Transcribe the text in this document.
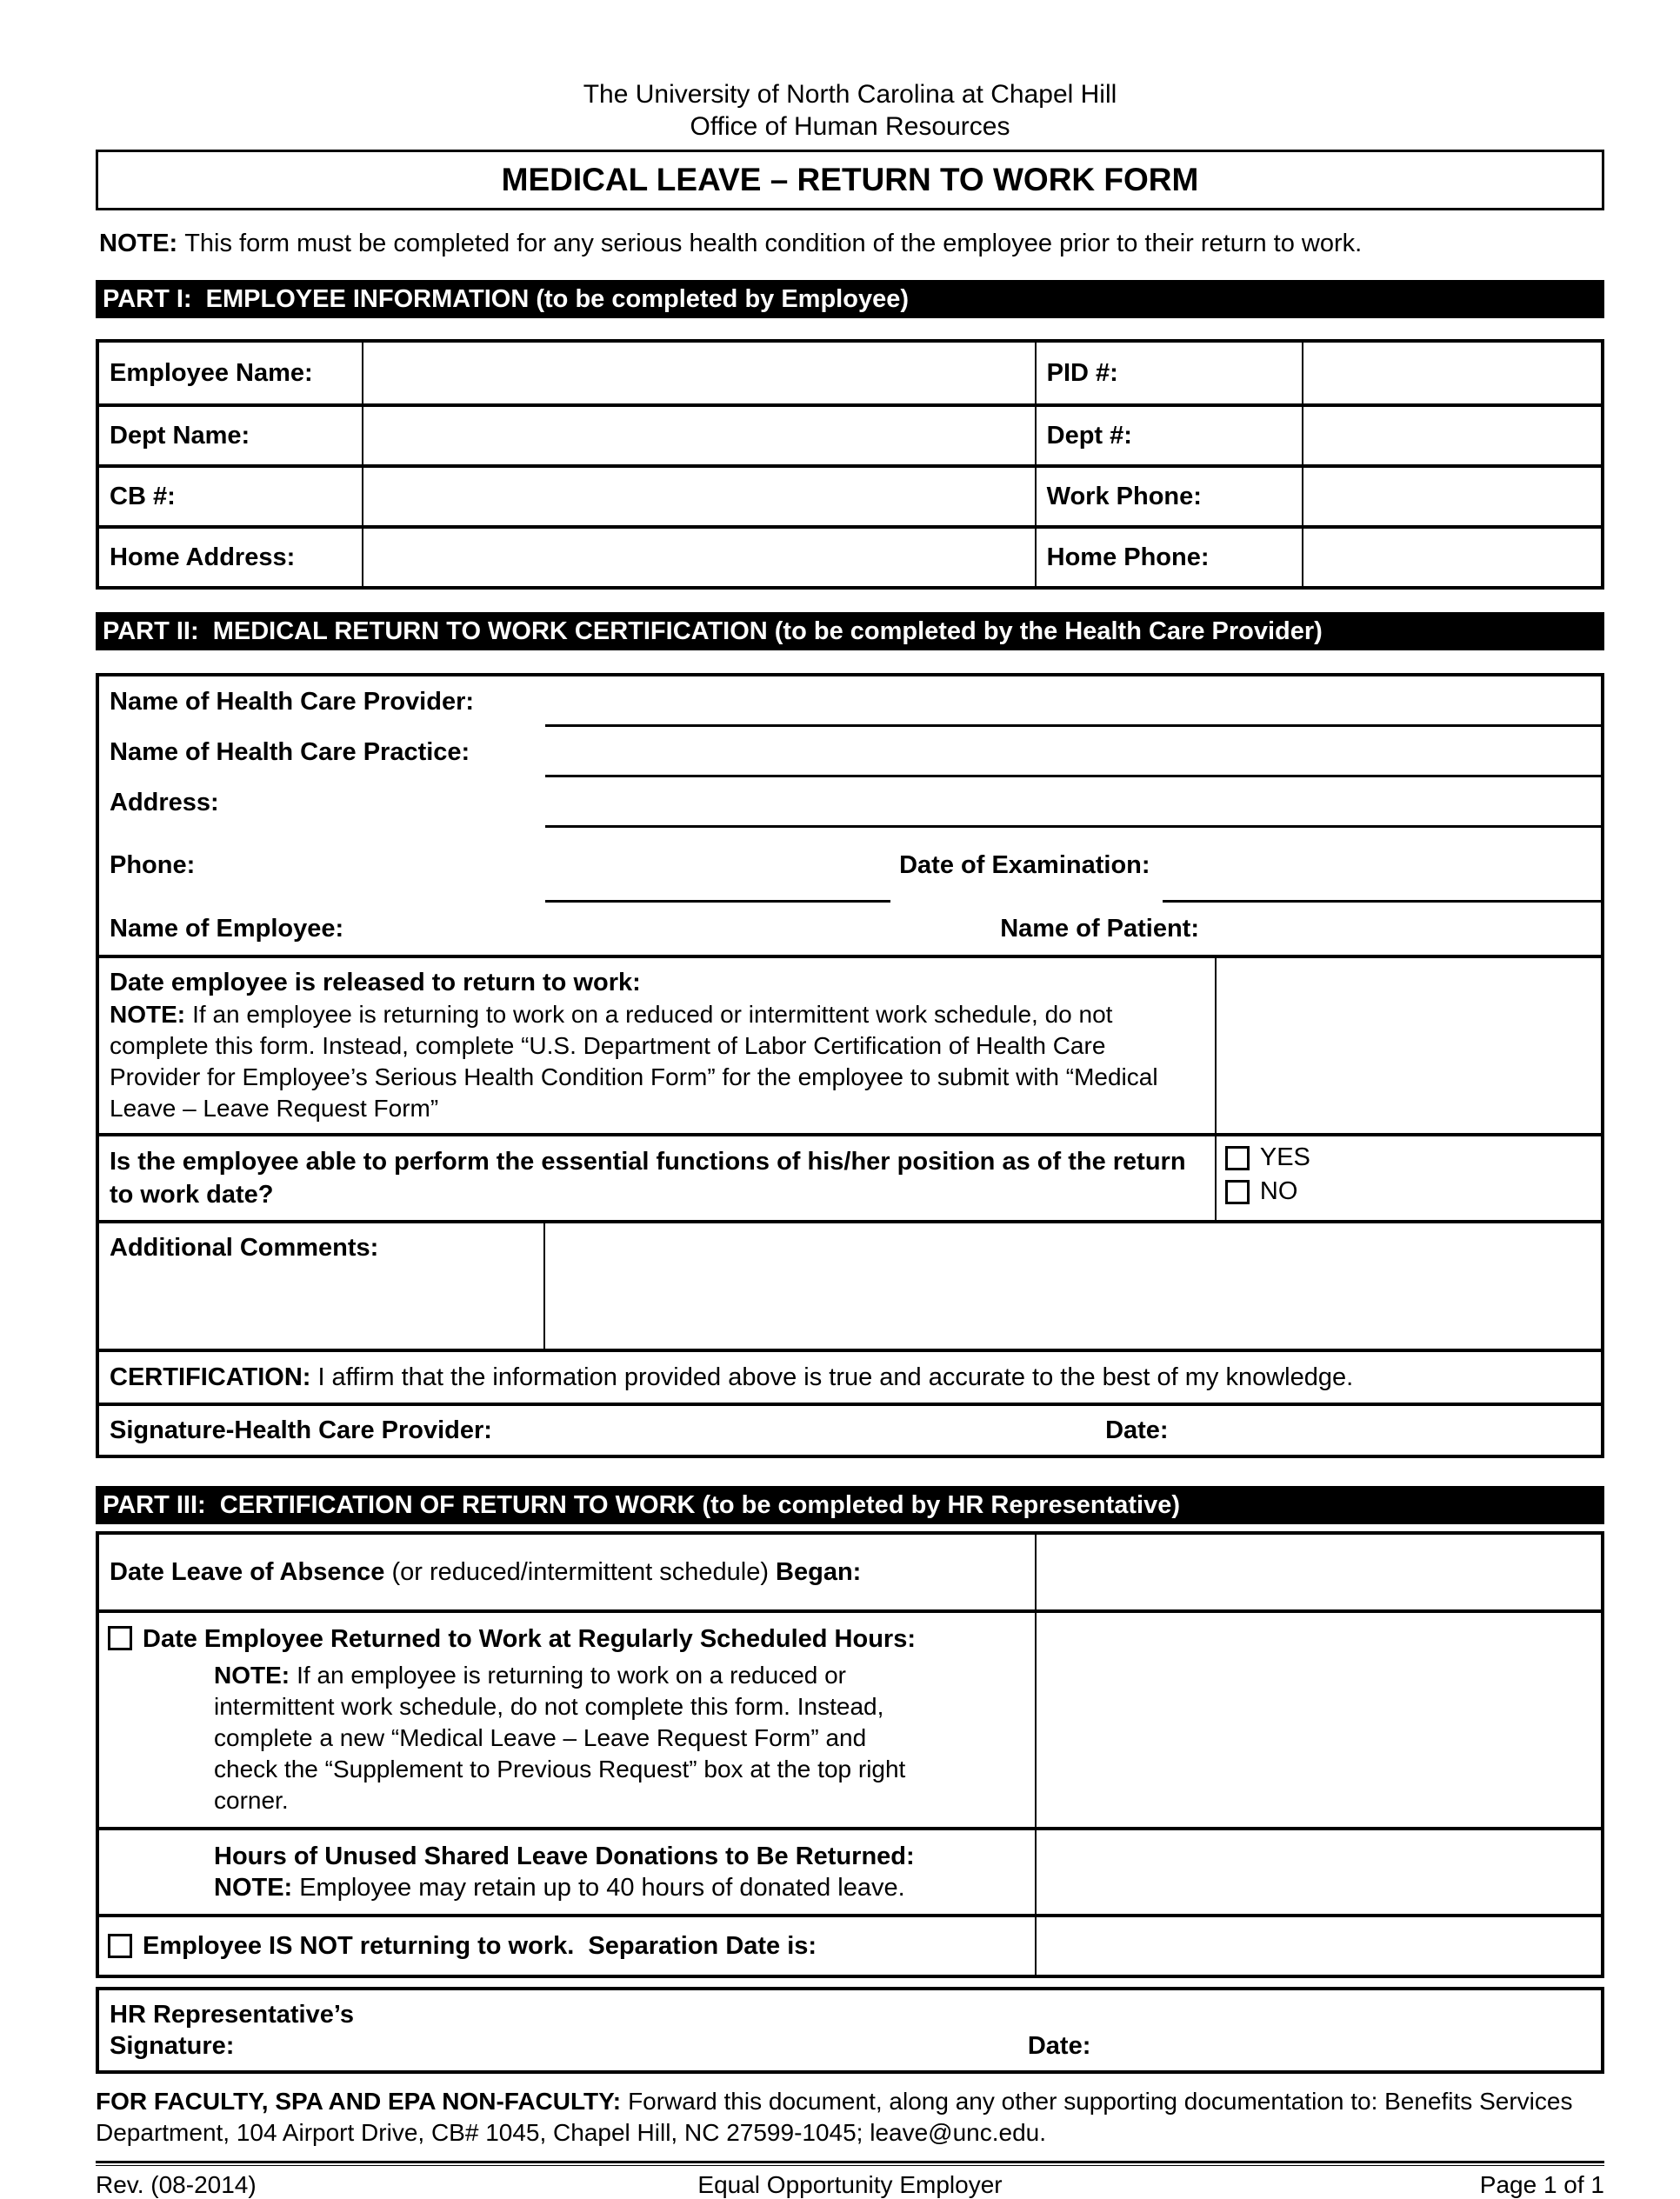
The University of North Carolina at Chapel Hill
Office of Human Resources
MEDICAL LEAVE – RETURN TO WORK FORM
NOTE: This form must be completed for any serious health condition of the employee prior to their return to work.
PART I:  EMPLOYEE INFORMATION (to be completed by Employee)
Employee Name:	PID #:
Dept Name:	Dept #:
CB #:	Work Phone:
Home Address:	Home Phone:
PART II:  MEDICAL RETURN TO WORK CERTIFICATION (to be completed by the Health Care Provider)
Name of Health Care Provider:
Name of Health Care Practice:
Address:
Phone:	Date of Examination:
Name of Employee:	Name of Patient:
Date employee is released to return to work:
NOTE: If an employee is returning to work on a reduced or intermittent work schedule, do not complete this form. Instead, complete “U.S. Department of Labor Certification of Health Care Provider for Employee’s Serious Health Condition Form” for the employee to submit with “Medical Leave – Leave Request Form”
Is the employee able to perform the essential functions of his/her position as of the return to work date?
YES
NO
Additional Comments:
CERTIFICATION: I affirm that the information provided above is true and accurate to the best of my knowledge.
Signature-Health Care Provider:	Date:
PART III:  CERTIFICATION OF RETURN TO WORK (to be completed by HR Representative)
Date Leave of Absence (or reduced/intermittent schedule) Began:
Date Employee Returned to Work at Regularly Scheduled Hours:
NOTE: If an employee is returning to work on a reduced or intermittent work schedule, do not complete this form. Instead, complete a new “Medical Leave – Leave Request Form” and check the “Supplement to Previous Request” box at the top right corner.
Hours of Unused Shared Leave Donations to Be Returned:
NOTE: Employee may retain up to 40 hours of donated leave.
Employee IS NOT returning to work.  Separation Date is:
HR Representative’s
Signature:	Date:
FOR FACULTY, SPA AND EPA NON-FACULTY: Forward this document, along any other supporting documentation to: Benefits Services Department, 104 Airport Drive, CB# 1045, Chapel Hill, NC 27599-1045; leave@unc.edu.
Rev. (08-2014)	Equal Opportunity Employer	Page 1 of 1
